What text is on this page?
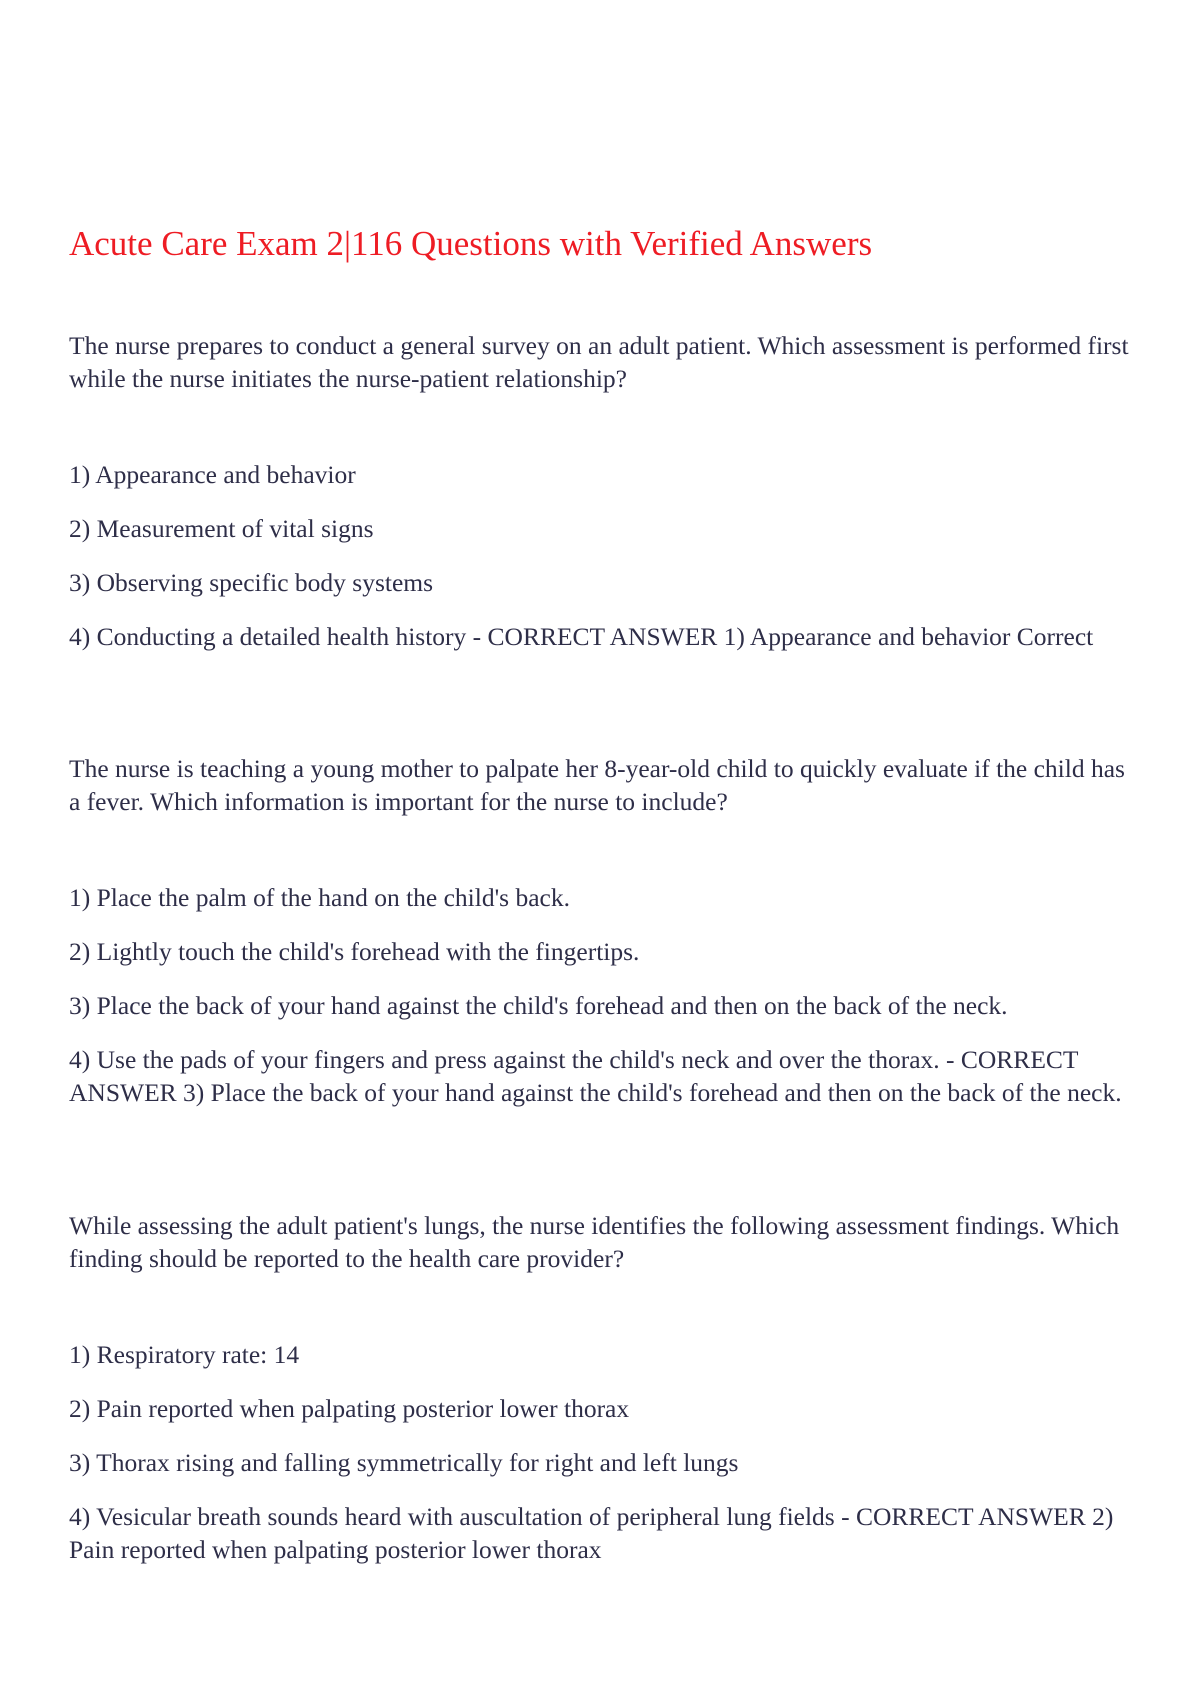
Acute Care Exam 2|116 Questions with Verified Answers

The nurse prepares to conduct a general survey on an adult patient. Which assessment is performed first while the nurse initiates the nurse-patient relationship?

1) Appearance and behavior

2) Measurement of vital signs

3) Observing specific body systems

4) Conducting a detailed health history - CORRECT ANSWER 1) Appearance and behavior Correct

The nurse is teaching a young mother to palpate her 8-year-old child to quickly evaluate if the child has a fever. Which information is important for the nurse to include?

1) Place the palm of the hand on the child's back.

2) Lightly touch the child's forehead with the fingertips.

3) Place the back of your hand against the child's forehead and then on the back of the neck.

4) Use the pads of your fingers and press against the child's neck and over the thorax. - CORRECT ANSWER 3) Place the back of your hand against the child's forehead and then on the back of the neck.

While assessing the adult patient's lungs, the nurse identifies the following assessment findings. Which finding should be reported to the health care provider?

1) Respiratory rate: 14

2) Pain reported when palpating posterior lower thorax

3) Thorax rising and falling symmetrically for right and left lungs

4) Vesicular breath sounds heard with auscultation of peripheral lung fields - CORRECT ANSWER 2) Pain reported when palpating posterior lower thorax
